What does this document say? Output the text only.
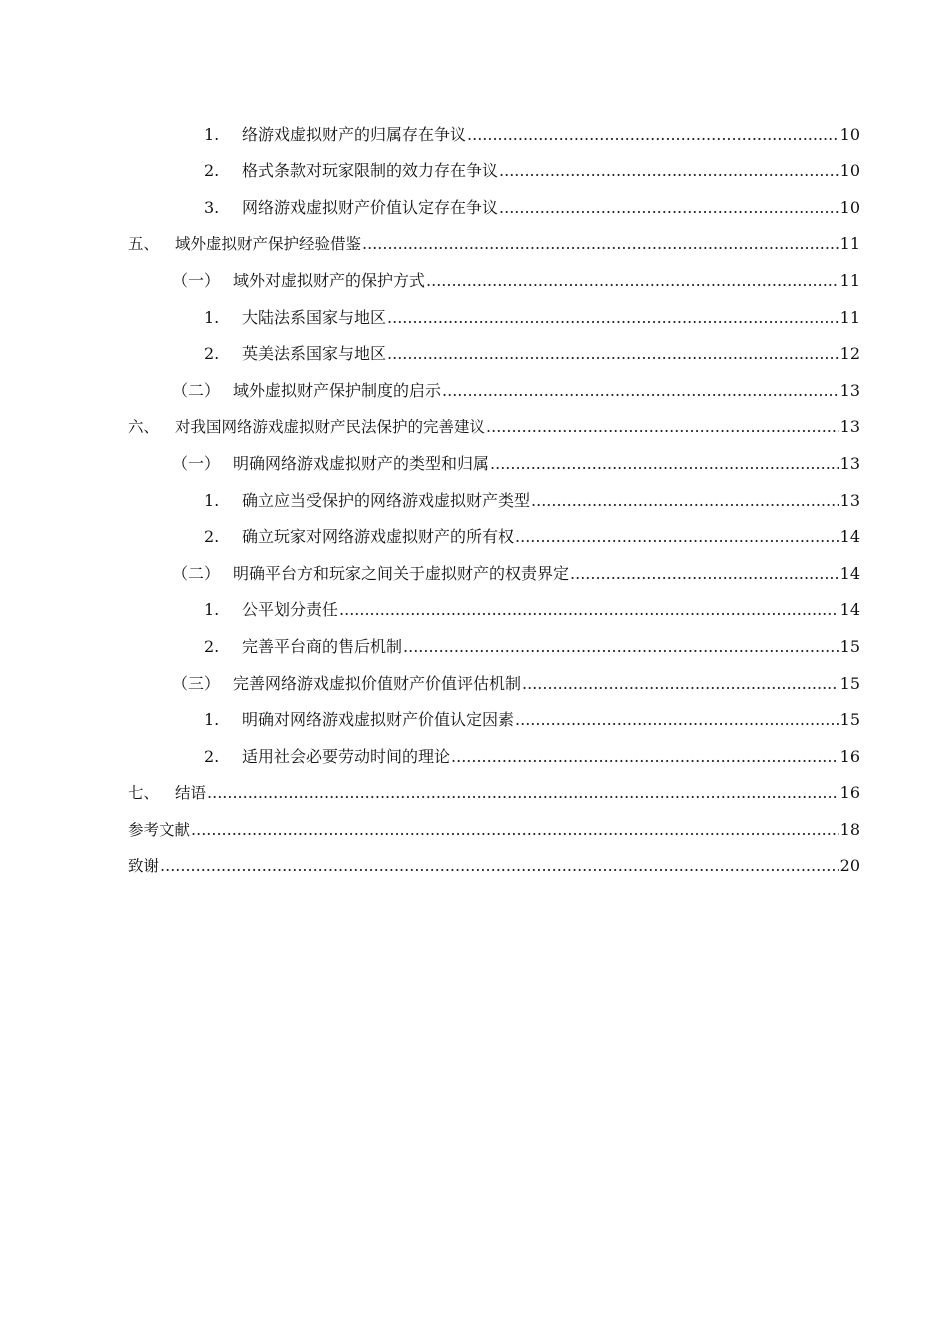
1.	络游戏虚拟财产的归属存在争议 .....	10
2.	格式条款对玩家限制的效力存在争议 .....	10
3.	网络游戏虚拟财产价值认定存在争议 .....	10
五、	域外虚拟财产保护经验借鉴 .....	11
（一） 域外对虚拟财产的保护方式 .....	11
1.	大陆法系国家与地区 .....	11
2.	英美法系国家与地区 .....	12
（二） 域外虚拟财产保护制度的启示 .....	13
六、	对我国网络游戏虚拟财产民法保护的完善建议 .....	13
（一） 明确网络游戏虚拟财产的类型和归属 .....	13
1.	确立应当受保护的网络游戏虚拟财产类型 .....	13
2.	确立玩家对网络游戏虚拟财产的所有权 .....	14
（二） 明确平台方和玩家之间关于虚拟财产的权责界定 .....	14
1.	公平划分责任 .....	14
2.	完善平台商的售后机制 .....	15
（三） 完善网络游戏虚拟价值财产价值评估机制 .....	15
1.	明确对网络游戏虚拟财产价值认定因素 .....	15
2.	适用社会必要劳动时间的理论 .....	16
七、	结语 .....	16
参考文献 .....	18
致谢 .....	20
